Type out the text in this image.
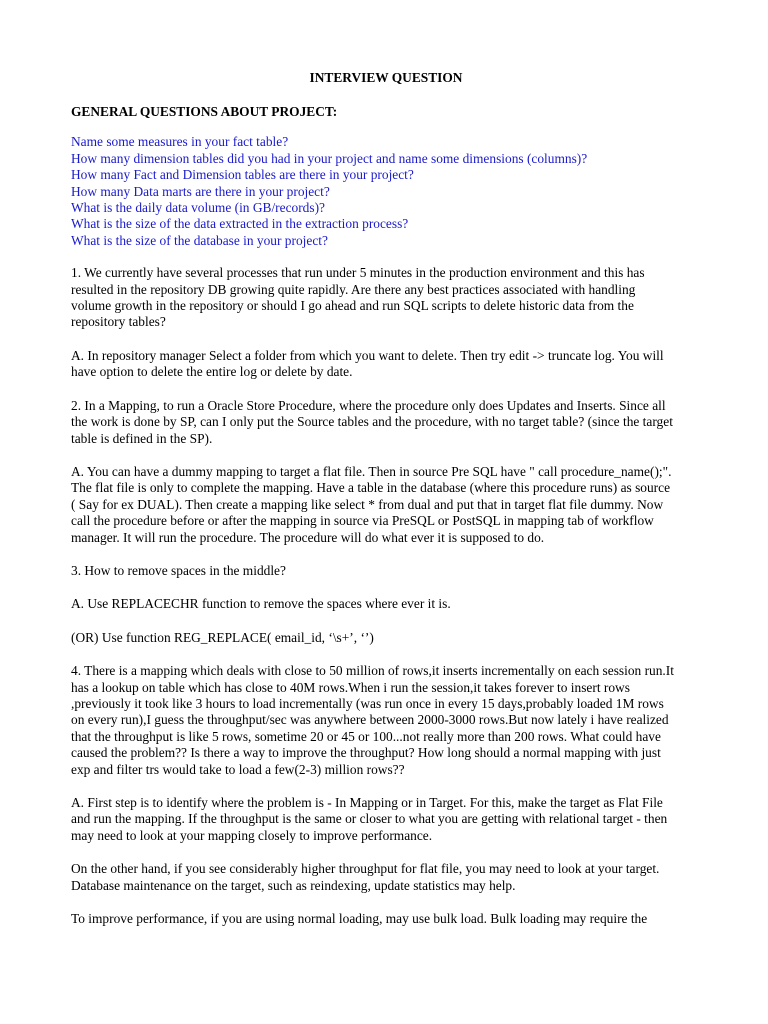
INTERVIEW QUESTION

GENERAL QUESTIONS ABOUT PROJECT:

Name some measures in your fact table?
How many dimension tables did you had in your project and name some dimensions (columns)?
How many Fact and Dimension tables are there in your project?
How many Data marts are there in your project?
What is the daily data volume (in GB/records)?
What is the size of the data extracted in the extraction process?
What is the size of the database in your project?

1. We currently have several processes that run under 5 minutes in the production environment and this has
resulted in the repository DB growing quite rapidly. Are there any best practices associated with handling
volume growth in the repository or should I go ahead and run SQL scripts to delete historic data from the
repository tables?

A. In repository manager Select a folder from which you want to delete. Then try edit -> truncate log. You will
have option to delete the entire log or delete by date.

2. In a Mapping, to run a Oracle Store Procedure, where the procedure only does Updates and Inserts. Since all
the work is done by SP, can I only put the Source tables and the procedure, with no target table? (since the target
table is defined in the SP).

A. You can have a dummy mapping to target a flat file. Then in source Pre SQL have " call procedure_name();".
The flat file is only to complete the mapping. Have a table in the database (where this procedure runs) as source
( Say for ex DUAL). Then create a mapping like select * from dual and put that in target flat file dummy. Now
call the procedure before or after the mapping in source via PreSQL or PostSQL in mapping tab of workflow
manager. It will run the procedure. The procedure will do what ever it is supposed to do.

3. How to remove spaces in the middle?

A. Use REPLACECHR function to remove the spaces where ever it is.

(OR) Use function REG_REPLACE( email_id, ‘\s+’, ‘’)

4. There is a mapping which deals with close to 50 million of rows,it inserts incrementally on each session run.It
has a lookup on table which has close to 40M rows.When i run the session,it takes forever to insert rows
,previously it took like 3 hours to load incrementally (was run once in every 15 days,probably loaded 1M rows
on every run),I guess the throughput/sec was anywhere between 2000-3000 rows.But now lately i have realized
that the throughput is like 5 rows, sometime 20 or 45 or 100...not really more than 200 rows. What could have
caused the problem?? Is there a way to improve the throughput? How long should a normal mapping with just
exp and filter trs would take to load a few(2-3) million rows??

A. First step is to identify where the problem is - In Mapping or in Target. For this, make the target as Flat File
and run the mapping. If the throughput is the same or closer to what you are getting with relational target - then
may need to look at your mapping closely to improve performance.

On the other hand, if you see considerably higher throughput for flat file, you may need to look at your target.
Database maintenance on the target, such as reindexing, update statistics may help.

To improve performance, if you are using normal loading, may use bulk load. Bulk loading may require the
